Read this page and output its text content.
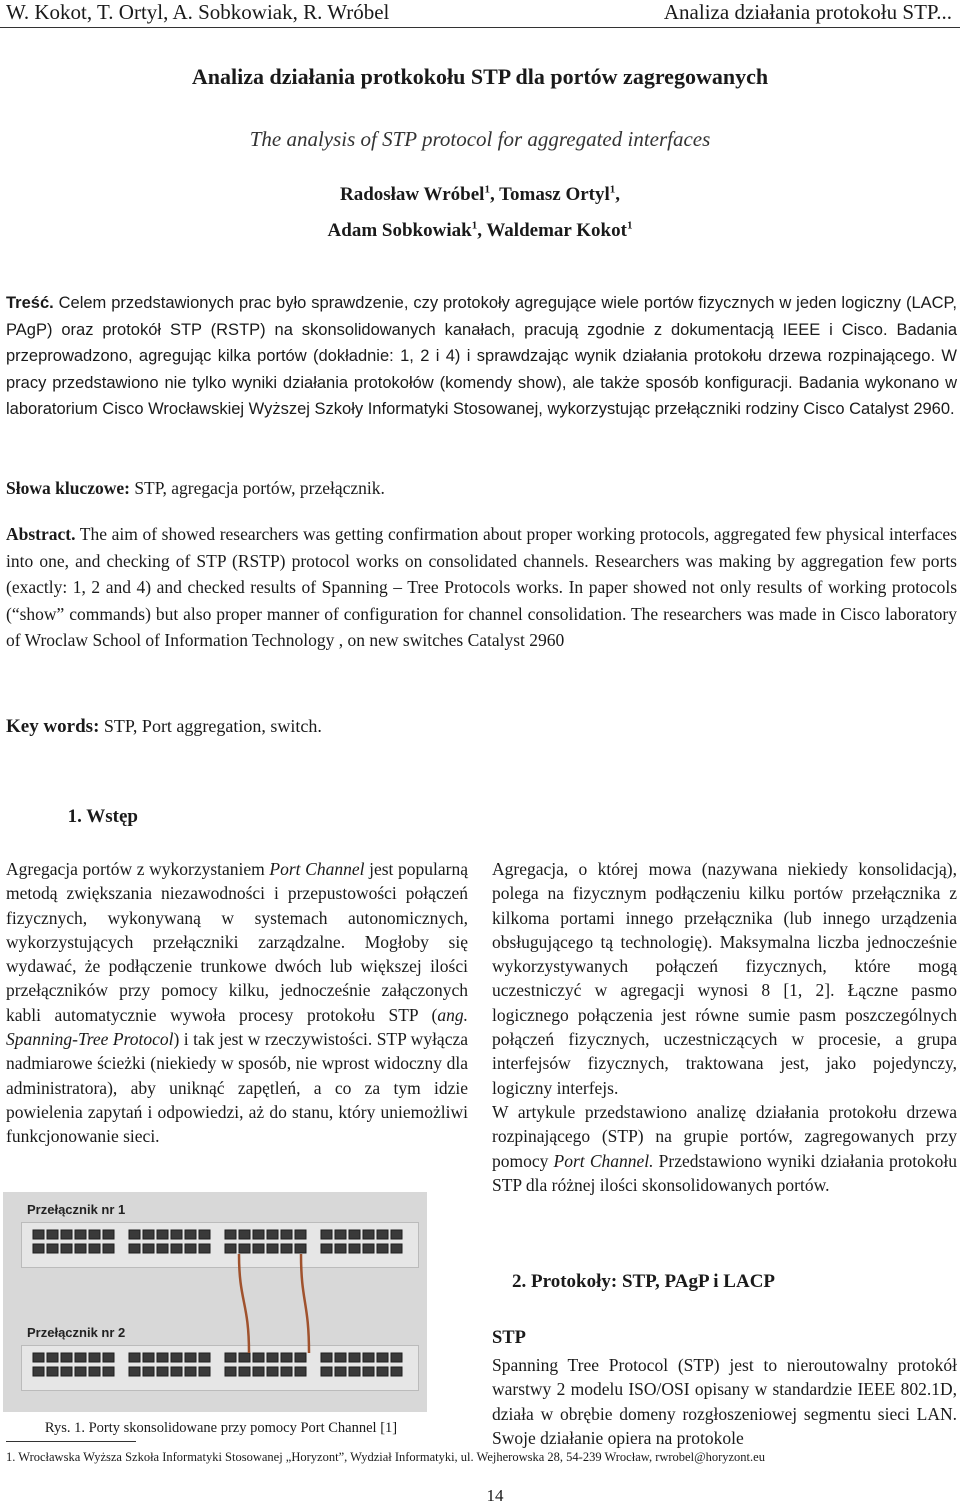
W. Kokot, T. Ortyl, A. Sobkowiak, R. Wróbel	Analiza działania protokołu STP...
Analiza działania protkokołu STP dla portów zagregowanych
The analysis of STP protocol for aggregated interfaces
Radosław Wróbel$^1$, Tomasz Ortyl$^1$,
Adam Sobkowiak$^1$, Waldemar Kokot$^1$
Treść. Celem przedstawionych prac było sprawdzenie, czy protokoły agregujące wiele portów fizycznych w jeden logiczny (LACP, PAgP) oraz protokół STP (RSTP) na skonsolidowanych kanałach, pracują zgodnie z dokumentacją IEEE i Cisco. Badania przeprowadzono, agregując kilka portów (dokładnie: 1, 2 i 4) i sprawdzając wynik działania protokołu drzewa rozpinającego. W pracy przedstawiono nie tylko wyniki działania protokołów (komendy show), ale także sposób konfiguracji. Badania wykonano w laboratorium Cisco Wrocławskiej Wyższej Szkoły Informatyki Stosowanej, wykorzystując przełączniki rodziny Cisco Catalyst 2960.
Słowa kluczowe: STP, agregacja portów, przełącznik.
Abstract. The aim of showed researchers was getting confirmation about proper working protocols, aggregated few physical interfaces into one, and checking of STP (RSTP) protocol works on consolidated channels. Researchers was making by aggregation few ports (exactly: 1, 2 and 4) and checked results of Spanning – Tree Protocols works. In paper showed not only results of working protocols (“show” commands) but also proper manner of configuration for channel consolidation. The researchers was made in Cisco laboratory of Wroclaw School of Information Technology , on new switches Catalyst 2960
Key words: STP, Port aggregation, switch.
1. Wstęp
Agregacja portów z wykorzystaniem Port Channel jest popularną metodą zwiększania niezawodności i przepustowości połączeń fizycznych, wykonywaną w systemach autonomicznych, wykorzystujących przełączniki zarządzalne. Mogłoby się wydawać, że podłączenie trunkowe dwóch lub większej ilości przełączników przy pomocy kilku, jednocześnie załączonych kabli automatycznie wywoła procesy protokołu STP (ang. Spanning-Tree Protocol) i tak jest w rzeczywistości. STP wyłącza nadmiarowe ścieżki (niekiedy w sposób, nie wprost widoczny dla administratora), aby uniknąć zapętleń, a co za tym idzie powielenia zapytań i odpowiedzi, aż do stanu, który uniemożliwi funkcjonowanie sieci.
Agregacja, o której mowa (nazywana niekiedy konsolidacją), polega na fizycznym podłączeniu kilku portów przełącznika z kilkoma portami innego przełącznika (lub innego urządzenia obsługującego tą technologię). Maksymalna liczba jednocześnie wykorzystywanych połączeń fizycznych, które mogą uczestniczyć w agregacji wynosi 8 [1, 2]. Łączne pasmo logicznego połączenia jest równe sumie pasm poszczególnych połączeń fizycznych, uczestniczących w procesie, a grupa interfejsów fizycznych, traktowana jest, jako pojedynczy, logiczny interfejs.
W artykule przedstawiono analizę działania protokołu drzewa rozpinającego (STP) na grupie portów, zagregowanych przy pomocy Port Channel. Przedstawiono wyniki działania protokołu STP dla różnej ilości skonsolidowanych portów.
Przełącznik nr 1
Przełącznik nr 2
Rys. 1. Porty skonsolidowane przy pomocy Port Channel [1]
2. Protokoły: STP, PAgP i LACP
STP
Spanning Tree Protocol (STP) jest to nieroutowalny protokół warstwy 2 modelu ISO/OSI opisany w standardzie IEEE 802.1D, działa w obrębie domeny rozgłoszeniowej segmentu sieci LAN. Swoje działanie opiera na protokole
1. Wrocławska Wyższa Szkoła Informatyki Stosowanej „Horyzont”, Wydział Informatyki, ul. Wejherowska 28, 54-239 Wrocław, rwrobel@horyzont.eu
14
